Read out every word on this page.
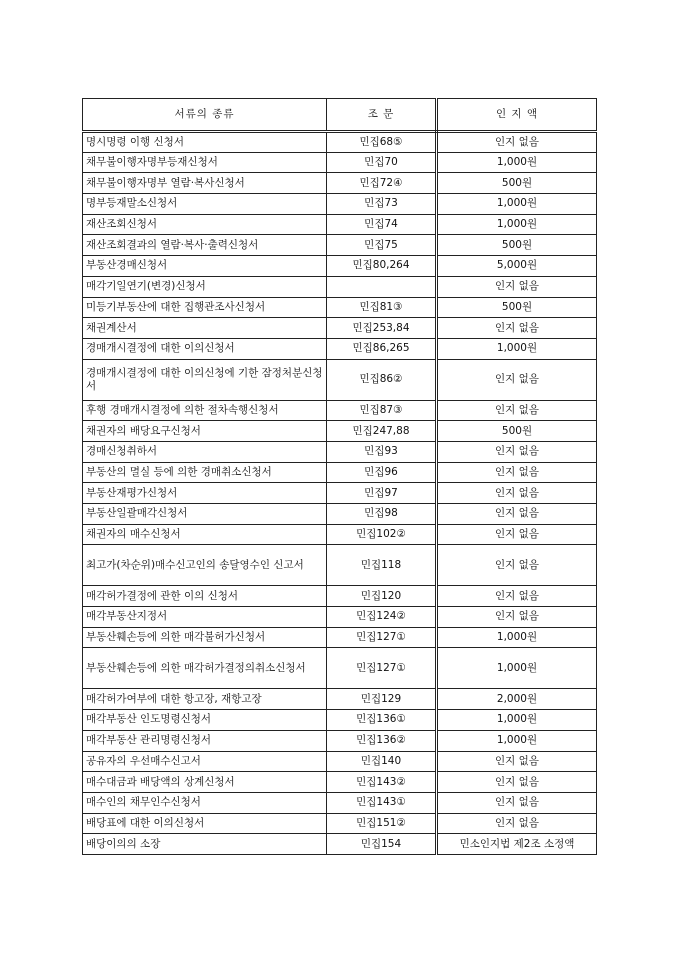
서류의 종류	조 문	인 지 액
명시명령 이행 신청서	민집68⑤	인지 없음
채무불이행자명부등재신청서	민집70	1,000원
채무불이행자명부 열람·복사신청서	민집72④	500원
명부등재말소신청서	민집73	1,000원
재산조회신청서	민집74	1,000원
재산조회결과의 열람·복사·출력신청서	민집75	500원
부동산경매신청서	민집80,264	5,000원
매각기일연기(변경)신청서		인지 없음
미등기부동산에 대한 집행관조사신청서	민집81③	500원
채권계산서	민집253,84	인지 없음
경매개시결정에 대한 이의신청서	민집86,265	1,000원
경매개시결정에 대한 이의신청에 기한 잠정처분신청서	민집86②	인지 없음
후행 경매개시결정에 의한 절차속행신청서	민집87③	인지 없음
채권자의 배당요구신청서	민집247,88	500원
경매신청취하서	민집93	인지 없음
부동산의 멸실 등에 의한 경매취소신청서	민집96	인지 없음
부동산재평가신청서	민집97	인지 없음
부동산일괄매각신청서	민집98	인지 없음
채권자의 매수신청서	민집102②	인지 없음
최고가(차순위)매수신고인의 송달영수인 신고서	민집118	인지 없음
매각허가결정에 관한 이의 신청서	민집120	인지 없음
매각부동산지정서	민집124②	인지 없음
부동산훼손등에 의한 매각불허가신청서	민집127①	1,000원
부동산훼손등에 의한 매각허가결정의취소신청서	민집127①	1,000원
매각허가여부에 대한 항고장, 재항고장	민집129	2,000원
매각부동산 인도명령신청서	민집136①	1,000원
매각부동산 관리명령신청서	민집136②	1,000원
공유자의 우선매수신고서	민집140	인지 없음
매수대금과 배당액의 상계신청서	민집143②	인지 없음
매수인의 채무인수신청서	민집143①	인지 없음
배당표에 대한 이의신청서	민집151②	인지 없음
배당이의의 소장	민집154	민소인지법 제2조 소정액
